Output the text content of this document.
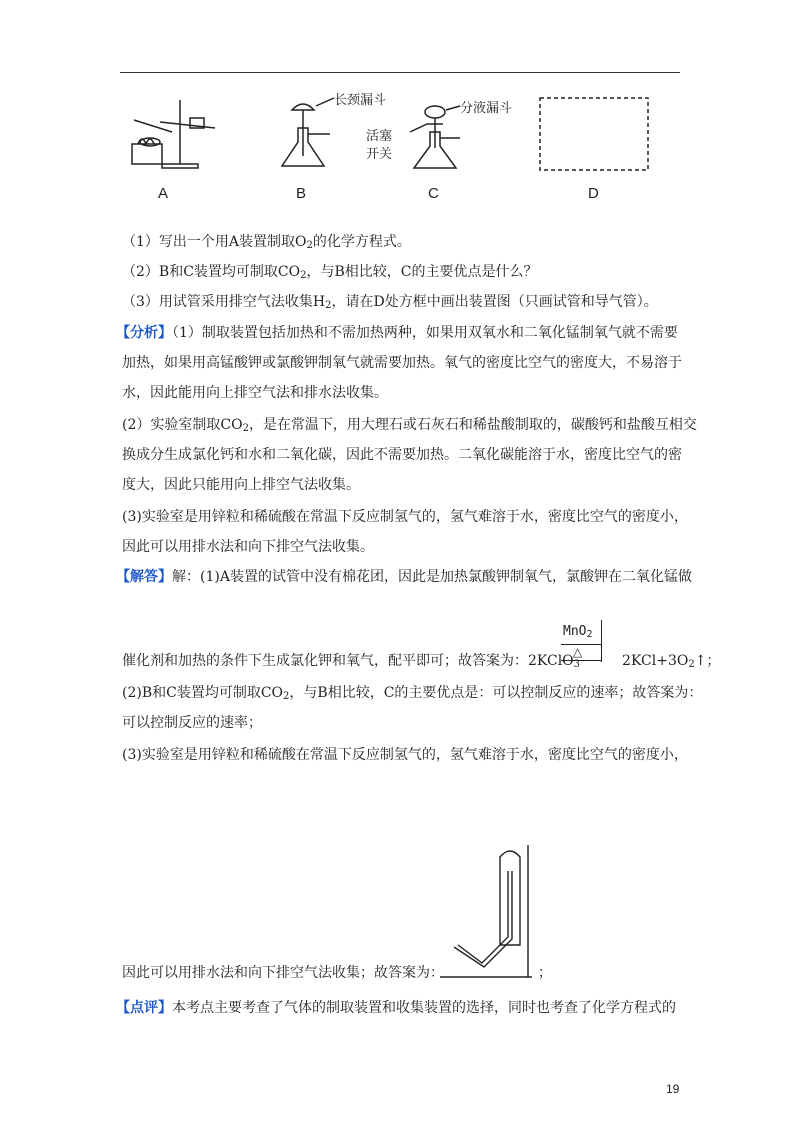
A	B	C	D
长颈漏斗
分液漏斗
活塞
开关
（1）写出一个用A装置制取$O_2$的化学方程式。
（2）B和C装置均可制取$CO_2$，与B相比较，C的主要优点是什么？
（3）用试管采用排空气法收集$H_2$，请在D处方框中画出装置图（只画试管和导气管）。
【分析】（1）制取装置包括加热和不需加热两种，如果用双氧水和二氧化锰制氧气就不需要
加热，如果用高锰酸钾或氯酸钾制氧气就需要加热。氧气的密度比空气的密度大，不易溶于
水，因此能用向上排空气法和排水法收集。
(2）实验室制取$CO_2$，是在常温下，用大理石或石灰石和稀盐酸制取的，碳酸钙和盐酸互相交
换成分生成氯化钙和水和二氧化碳，因此不需要加热。二氧化碳能溶于水，密度比空气的密
度大，因此只能用向上排空气法收集。
(3)实验室是用锌粒和稀硫酸在常温下反应制氢气的，氢气难溶于水，密度比空气的密度小，
因此可以用排水法和向下排空气法收集。
【解答】解：(1)A装置的试管中没有棉花团，因此是加热氯酸钾制氧气，氯酸钾在二氧化锰做
MnO$_2$
△
催化剂和加热的条件下生成氯化钾和氧气，配平即可；故答案为：2KClO$_3$	$2KCl+3O_2↑$；
(2)B和C装置均可制取$CO_2$，与B相比较，C的主要优点是：可以控制反应的速率；故答案为：
可以控制反应的速率；
(3)实验室是用锌粒和稀硫酸在常温下反应制氢气的，氢气难溶于水，密度比空气的密度小，
因此可以用排水法和向下排空气法收集；故答案为：	；
【点评】本考点主要考查了气体的制取装置和收集装置的选择，同时也考查了化学方程式的
19
